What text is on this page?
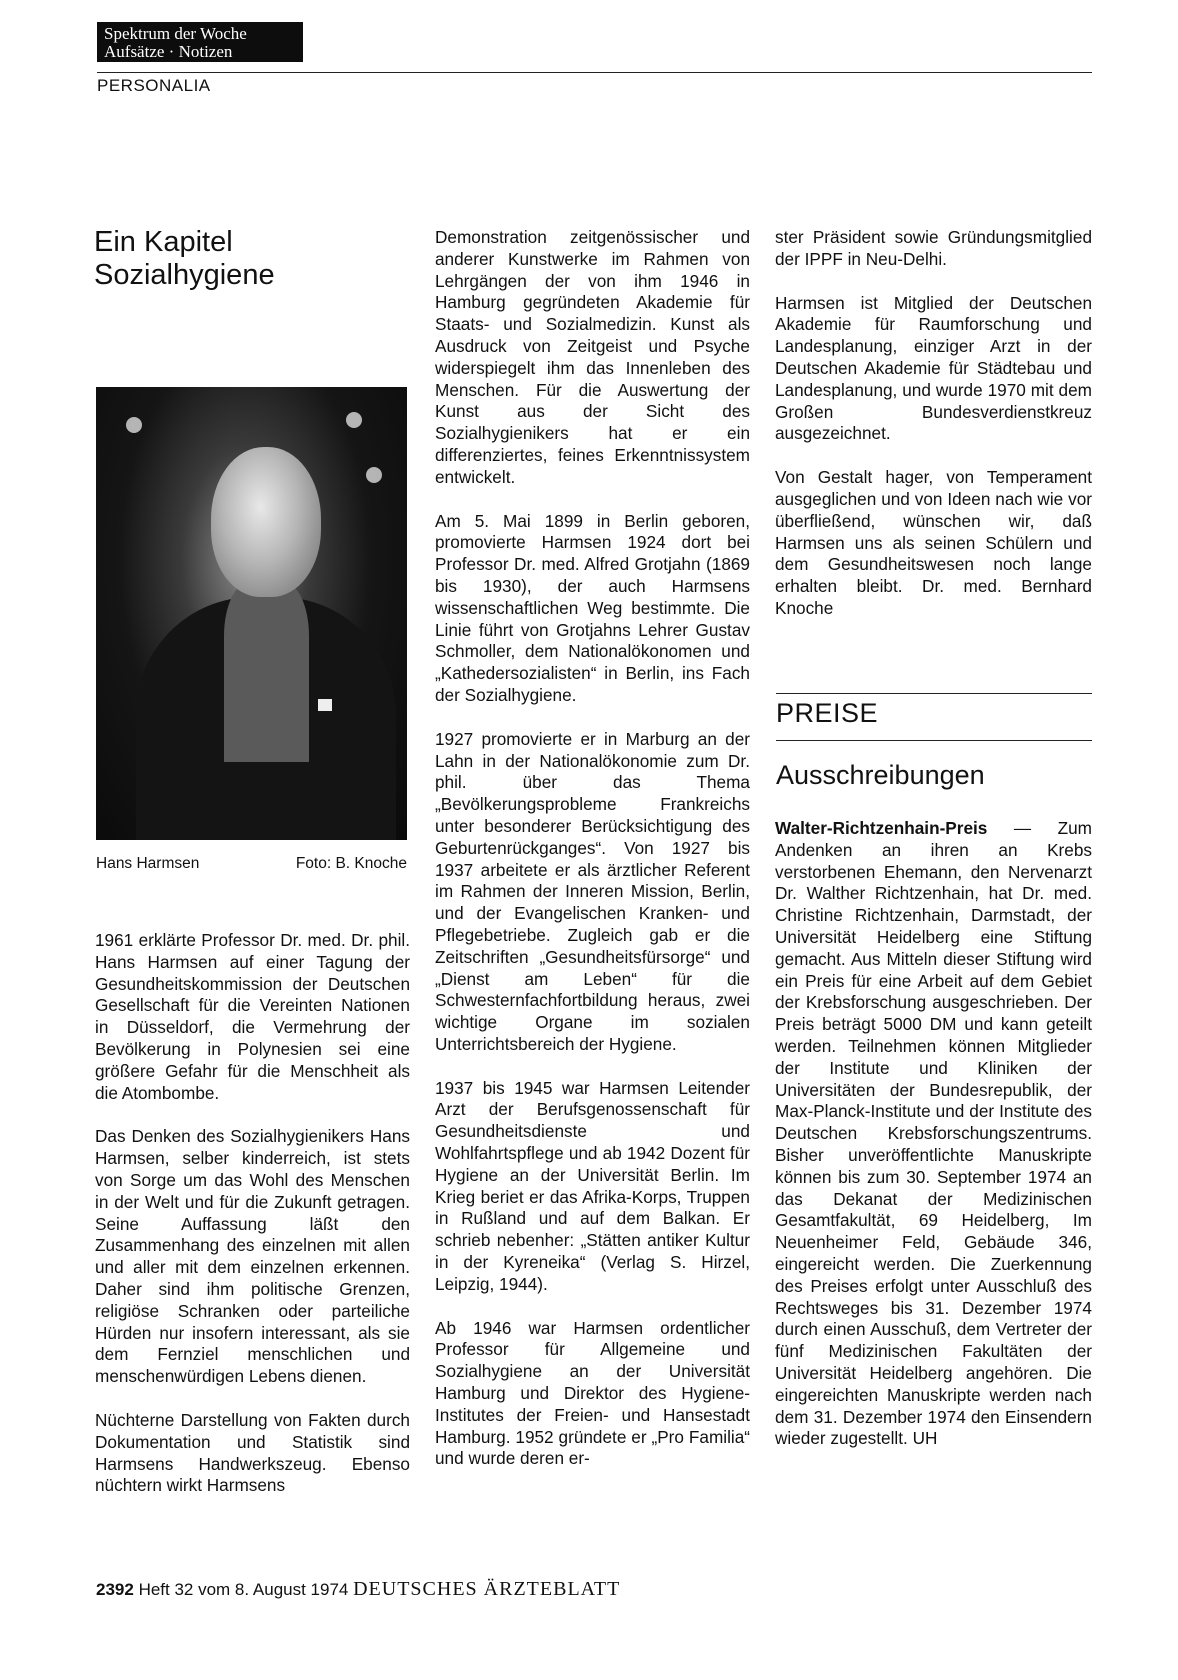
Spektrum der Woche
Aufsätze · Notizen
PERSONALIA
Ein Kapitel
Sozialhygiene
Hans Harmsen	Foto: B. Knoche

1961 erklärte Professor Dr. med. Dr. phil. Hans Harmsen auf einer Tagung der Gesundheitskommission der Deutschen Gesellschaft für die Vereinten Nationen in Düsseldorf, die Vermehrung der Bevölkerung in Polynesien sei eine größere Gefahr für die Menschheit als die Atombombe.

Das Denken des Sozialhygienikers Hans Harmsen, selber kinderreich, ist stets von Sorge um das Wohl des Menschen in der Welt und für die Zukunft getragen. Seine Auffassung läßt den Zusammenhang des einzelnen mit allen und aller mit dem einzelnen erkennen. Daher sind ihm politische Grenzen, religiöse Schranken oder parteiliche Hürden nur insofern interessant, als sie dem Fernziel menschlichen und menschenwürdigen Lebens dienen.

Nüchterne Darstellung von Fakten durch Dokumentation und Statistik sind Harmsens Handwerkszeug. Ebenso nüchtern wirkt Harmsens

Demonstration zeitgenössischer und anderer Kunstwerke im Rahmen von Lehrgängen der von ihm 1946 in Hamburg gegründeten Akademie für Staats- und Sozialmedizin. Kunst als Ausdruck von Zeitgeist und Psyche widerspiegelt ihm das Innenleben des Menschen. Für die Auswertung der Kunst aus der Sicht des Sozialhygienikers hat er ein differenziertes, feines Erkenntnissystem entwickelt.

Am 5. Mai 1899 in Berlin geboren, promovierte Harmsen 1924 dort bei Professor Dr. med. Alfred Grotjahn (1869 bis 1930), der auch Harmsens wissenschaftlichen Weg bestimmte. Die Linie führt von Grotjahns Lehrer Gustav Schmoller, dem Nationalökonomen und „Kathedersozialisten“ in Berlin, ins Fach der Sozialhygiene.

1927 promovierte er in Marburg an der Lahn in der Nationalökonomie zum Dr. phil. über das Thema „Bevölkerungsprobleme Frankreichs unter besonderer Berücksichtigung des Geburtenrückganges“. Von 1927 bis 1937 arbeitete er als ärztlicher Referent im Rahmen der Inneren Mission, Berlin, und der Evangelischen Kranken- und Pflegebetriebe. Zugleich gab er die Zeitschriften „Gesundheitsfürsorge“ und „Dienst am Leben“ für die Schwesternfachfortbildung heraus, zwei wichtige Organe im sozialen Unterrichtsbereich der Hygiene.

1937 bis 1945 war Harmsen Leitender Arzt der Berufsgenossenschaft für Gesundheitsdienste und Wohlfahrtspflege und ab 1942 Dozent für Hygiene an der Universität Berlin. Im Krieg beriet er das Afrika-Korps, Truppen in Rußland und auf dem Balkan. Er schrieb nebenher: „Stätten antiker Kultur in der Kyreneika“ (Verlag S. Hirzel, Leipzig, 1944).

Ab 1946 war Harmsen ordentlicher Professor für Allgemeine und Sozialhygiene an der Universität Hamburg und Direktor des Hygiene-Institutes der Freien- und Hansestadt Hamburg. 1952 gründete er „Pro Familia“ und wurde deren er-

ster Präsident sowie Gründungsmitglied der IPPF in Neu-Delhi.

Harmsen ist Mitglied der Deutschen Akademie für Raumforschung und Landesplanung, einziger Arzt in der Deutschen Akademie für Städtebau und Landesplanung, und wurde 1970 mit dem Großen Bundesverdienstkreuz ausgezeichnet.

Von Gestalt hager, von Temperament ausgeglichen und von Ideen nach wie vor überfließend, wünschen wir, daß Harmsen uns als seinen Schülern und dem Gesundheitswesen noch lange erhalten bleibt. Dr. med. Bernhard Knoche

PREISE
Ausschreibungen

Walter-Richtzenhain-Preis — Zum Andenken an ihren an Krebs verstorbenen Ehemann, den Nervenarzt Dr. Walther Richtzenhain, hat Dr. med. Christine Richtzenhain, Darmstadt, der Universität Heidelberg eine Stiftung gemacht. Aus Mitteln dieser Stiftung wird ein Preis für eine Arbeit auf dem Gebiet der Krebsforschung ausgeschrieben. Der Preis beträgt 5000 DM und kann geteilt werden. Teilnehmen können Mitglieder der Institute und Kliniken der Universitäten der Bundesrepublik, der Max-Planck-Institute und der Institute des Deutschen Krebsforschungszentrums. Bisher unveröffentlichte Manuskripte können bis zum 30. September 1974 an das Dekanat der Medizinischen Gesamtfakultät, 69 Heidelberg, Im Neuenheimer Feld, Gebäude 346, eingereicht werden. Die Zuerkennung des Preises erfolgt unter Ausschluß des Rechtsweges bis 31. Dezember 1974 durch einen Ausschuß, dem Vertreter der fünf Medizinischen Fakultäten der Universität Heidelberg angehören. Die eingereichten Manuskripte werden nach dem 31. Dezember 1974 den Einsendern wieder zugestellt. UH

2392 Heft 32 vom 8. August 1974 DEUTSCHES ÄRZTEBLATT
